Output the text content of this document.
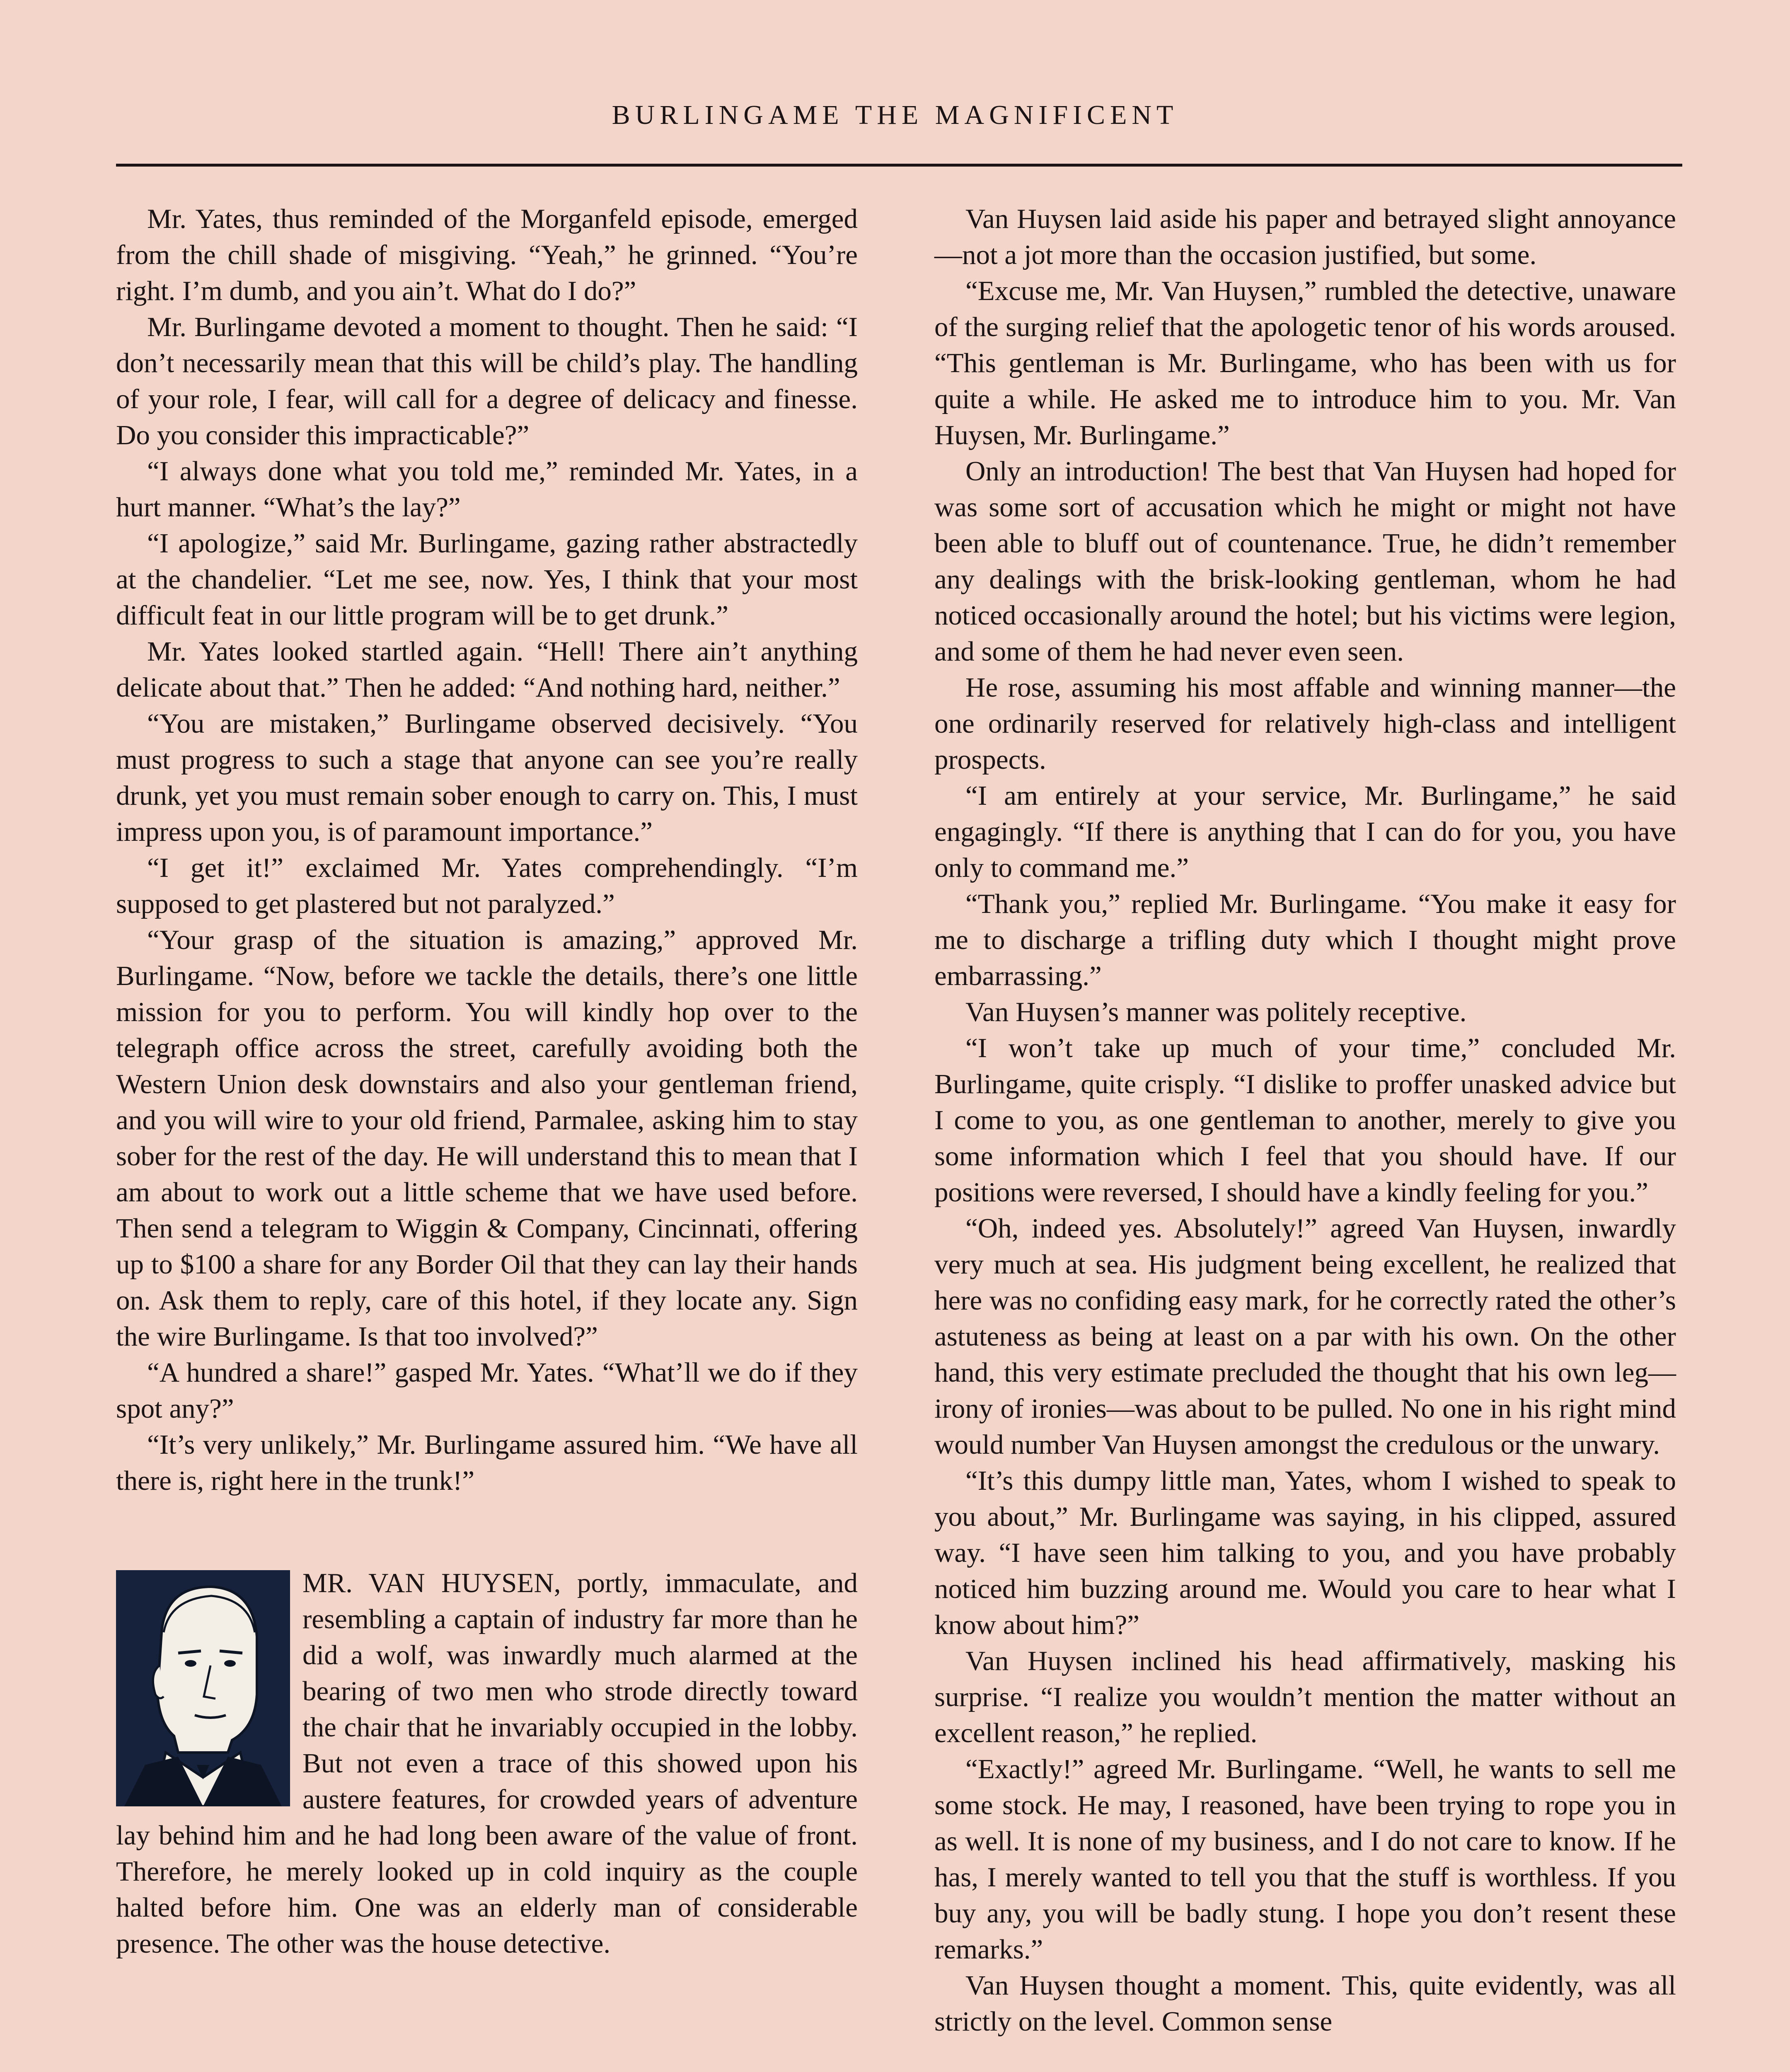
BURLINGAME THE MAGNIFICENT

Mr. Yates, thus reminded of the Morganfeld episode, emerged from the chill shade of misgiving. “Yeah,” he grinned. “You’re right. I’m dumb, and you ain’t. What do I do?”

Mr. Burlingame devoted a moment to thought. Then he said: “I don’t necessarily mean that this will be child’s play. The handling of your role, I fear, will call for a degree of delicacy and finesse. Do you consider this impracticable?”

“I always done what you told me,” reminded Mr. Yates, in a hurt manner. “What’s the lay?”

“I apologize,” said Mr. Burlingame, gazing rather abstractedly at the chandelier. “Let me see, now. Yes, I think that your most difficult feat in our little program will be to get drunk.”

Mr. Yates looked startled again. “Hell! There ain’t anything delicate about that.” Then he added: “And nothing hard, neither.”

“You are mistaken,” Burlingame observed decisively. “You must progress to such a stage that anyone can see you’re really drunk, yet you must remain sober enough to carry on. This, I must impress upon you, is of paramount importance.”

“I get it!” exclaimed Mr. Yates comprehendingly. “I’m supposed to get plastered but not paralyzed.”

“Your grasp of the situation is amazing,” approved Mr. Burlingame. “Now, before we tackle the details, there’s one little mission for you to perform. You will kindly hop over to the telegraph office across the street, carefully avoiding both the Western Union desk downstairs and also your gentleman friend, and you will wire to your old friend, Parmalee, asking him to stay sober for the rest of the day. He will understand this to mean that I am about to work out a little scheme that we have used before. Then send a telegram to Wiggin & Company, Cincinnati, offering up to $100 a share for any Border Oil that they can lay their hands on. Ask them to reply, care of this hotel, if they locate any. Sign the wire Burlingame. Is that too involved?”

“A hundred a share!” gasped Mr. Yates. “What’ll we do if they spot any?”

“It’s very unlikely,” Mr. Burlingame assured him. “We have all there is, right here in the trunk!”

MR. VAN HUYSEN, portly, immaculate, and resembling a captain of industry far more than he did a wolf, was inwardly much alarmed at the bearing of two men who strode directly toward the chair that he invariably occupied in the lobby. But not even a trace of this showed upon his austere features, for crowded years of adventure lay behind him and he had long been aware of the value of front. Therefore, he merely looked up in cold inquiry as the couple halted before him. One was an elderly man of considerable presence. The other was the house detective.

Van Huysen laid aside his paper and betrayed slight annoyance—not a jot more than the occasion justified, but some.

“Excuse me, Mr. Van Huysen,” rumbled the detective, unaware of the surging relief that the apologetic tenor of his words aroused. “This gentleman is Mr. Burlingame, who has been with us for quite a while. He asked me to introduce him to you. Mr. Van Huysen, Mr. Burlingame.”

Only an introduction! The best that Van Huysen had hoped for was some sort of accusation which he might or might not have been able to bluff out of countenance. True, he didn’t remember any dealings with the brisk-looking gentleman, whom he had noticed occasionally around the hotel; but his victims were legion, and some of them he had never even seen.

He rose, assuming his most affable and winning manner—the one ordinarily reserved for relatively high-class and intelligent prospects.

“I am entirely at your service, Mr. Burlingame,” he said engagingly. “If there is anything that I can do for you, you have only to command me.”

“Thank you,” replied Mr. Burlingame. “You make it easy for me to discharge a trifling duty which I thought might prove embarrassing.”

Van Huysen’s manner was politely receptive.

“I won’t take up much of your time,” concluded Mr. Burlingame, quite crisply. “I dislike to proffer unasked advice but I come to you, as one gentleman to another, merely to give you some information which I feel that you should have. If our positions were reversed, I should have a kindly feeling for you.”

“Oh, indeed yes. Absolutely!” agreed Van Huysen, inwardly very much at sea. His judgment being excellent, he realized that here was no confiding easy mark, for he correctly rated the other’s astuteness as being at least on a par with his own. On the other hand, this very estimate precluded the thought that his own leg—irony of ironies—was about to be pulled. No one in his right mind would number Van Huysen amongst the credulous or the unwary.

“It’s this dumpy little man, Yates, whom I wished to speak to you about,” Mr. Burlingame was saying, in his clipped, assured way. “I have seen him talking to you, and you have probably noticed him buzzing around me. Would you care to hear what I know about him?”

Van Huysen inclined his head affirmatively, masking his surprise. “I realize you wouldn’t mention the matter without an excellent reason,” he replied.

“Exactly!” agreed Mr. Burlingame. “Well, he wants to sell me some stock. He may, I reasoned, have been trying to rope you in as well. It is none of my business, and I do not care to know. If he has, I merely wanted to tell you that the stuff is worthless. If you buy any, you will be badly stung. I hope you don’t resent these remarks.”

Van Huysen thought a moment. This, quite evidently, was all strictly on the level. Common sense
